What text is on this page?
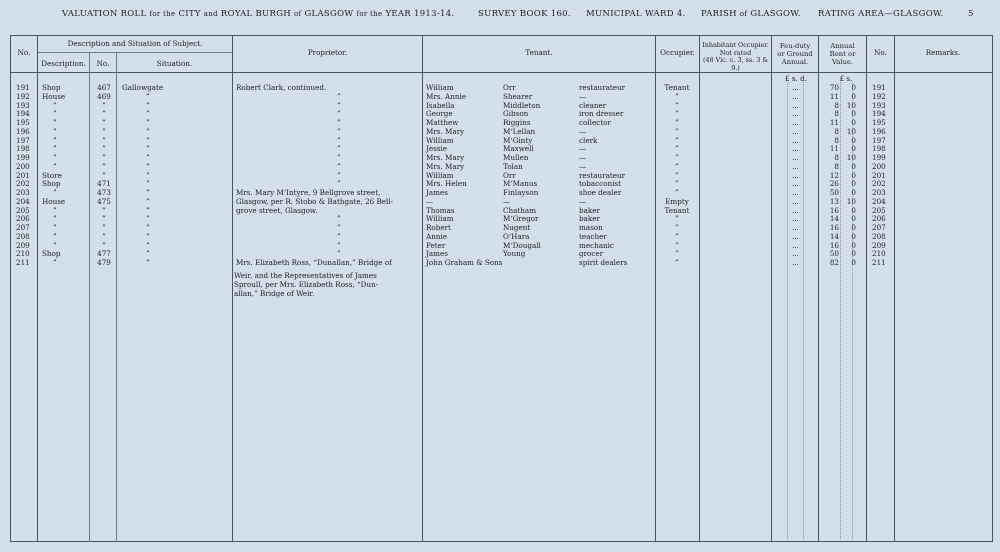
VALUATION ROLL for the CITY and ROYAL BURGH of GLASGOW for the YEAR 1913-14.	SURVEY BOOK 160. MUNICIPAL WARD 4. PARISH of GLASGOW. RATING AREA—GLASGOW.	5
No.
Description and Situation of Subject.
Description.	No.	Situation.
Proprietor.	Tenant.	Occupier.
Inhabitant Occupier.
Not rated
(48 Vic. c. 3, ss. 3 & 9.)
Feu-duty
or Ground
Annual.
Annual
Rent or
Value.
No.	Remarks.
£ s. d.	£ s.
191 Shop	467	Gallowgate	Robert Clark, continued.	William	Orr	restaurateur	Tenant	...	70	0 191
192 House	469	”	”	Mrs. Annie	Shearer	—	”	...	11	0 192
193	”	”	”	”	Isabella	Middleton	cleaner	”	...	8	10 193
194	”	”	”	”	George	Gibson	iron dresser	”	...	8	0 194
195	”	”	”	”	Matthew	Riggins	collector	”	...	11	0 195
196	”	”	”	”	Mrs. Mary	M‘Lellan	—	”	...	8	10 196
197	”	”	”	”	William	M‘Ginty	clerk	”	...	8	0 197
198	”	”	”	”	Jessie	Maxwell	—	”	...	11	0 198
199	”	”	”	”	Mrs. Mary	Mullen	—	”	...	8	10 199
200	”	”	”	”	Mrs. Mary	Tolan	—	”	...	8	0 200
201 Store	”	”	”	William	Orr	restaurateur	”	...	12	0 201
202 Shop	471	”	”	Mrs. Helen	M‘Manus	tobacconist	”	...	26	0 202
203	”	473	”	Mrs. Mary M‘Intyre, 9 Bellgrove street,	James	Finlayson	shoe dealer	”	...	50	0 203
204 House	475	”	Glasgow, per R. Stobo & Bathgate, 26 Bell-	—	—	—	Empty	...	13	10 204
205	”	”	”	grove street, Glasgow.	Thomas	Chatham	baker	Tenant	...	16	0 205
206	”	”	”	”	William	M‘Gregor	baker	”	...	14	0 206
207	”	”	”	”	Robert	Nugent	mason	”	...	16	0 207
208	”	”	”	”	Annie	O‘Hara	teacher	”	...	14	0 208
209	”	”	”	”	Peter	M‘Dougall	mechanic	”	...	16	0 209
210 Shop	477	”	”	James	Young	grocer	”	...	50	0 210
211	”	479	”	Mrs. Elizabeth Ross, “Dunallan,” Bridge of	John Graham & Sons	spirit dealers	”	...	82	0 211
Weir, and the Representatives of James
Sproull, per Mrs. Elizabeth Ross, “Dun-
allan,” Bridge of Weir.
